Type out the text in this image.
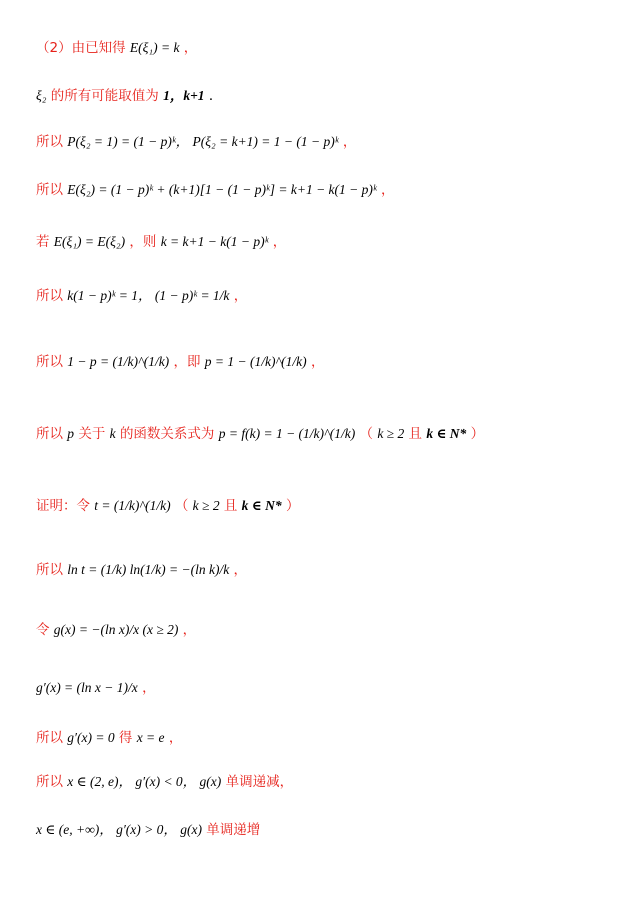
（2）由已知得 E(ξ₁) = k ，
ξ₂ 的所有可能取值为 1，k+1 ．
所以 P(ξ₂ = 1) = (1 − p)ᵏ， P(ξ₂ = k+1) = 1 − (1 − p)ᵏ ，
所以 E(ξ₂) = (1 − p)ᵏ + (k+1)[1 − (1 − p)ᵏ] = k+1 − k(1 − p)ᵏ ，
若 E(ξ₁) = E(ξ₂) ，则 k = k+1 − k(1 − p)ᵏ ，
所以 k(1 − p)ᵏ = 1， (1 − p)ᵏ = 1/k ，
所以 1 − p = (1/k)^(1/k) ，即 p = 1 − (1/k)^(1/k) ，
所以 p 关于 k 的函数关系式为 p = f(k) = 1 − (1/k)^(1/k) （ k ≥ 2 且 k ∈ N* ）
证明：令 t = (1/k)^(1/k) （ k ≥ 2 且 k ∈ N* ）
所以 ln t = (1/k) ln(1/k) = −(ln k)/k ，
令 g(x) = −(ln x)/x (x ≥ 2) ，
g′(x) = (ln x − 1)/x ，
所以 g′(x) = 0 得 x = e ，
所以 x ∈ (2, e)， g′(x) < 0， g(x) 单调递减，
x ∈ (e, +∞)， g′(x) > 0， g(x) 单调递增
